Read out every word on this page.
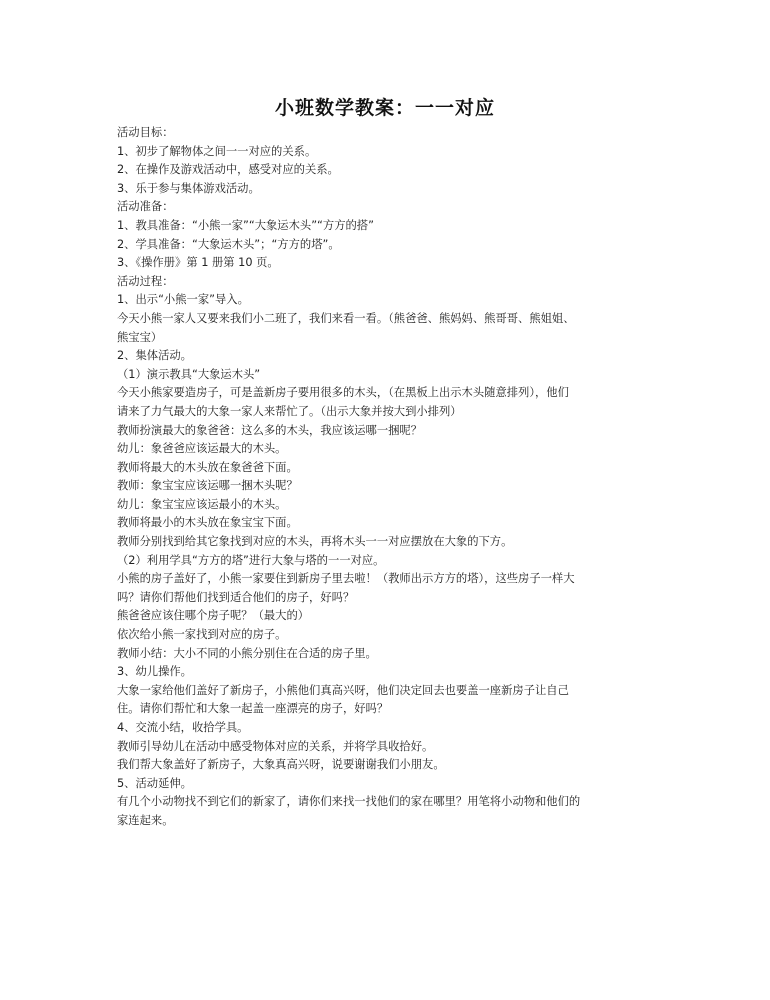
小班数学教案：一一对应
活动目标：
1、初步了解物体之间一一对应的关系。
2、在操作及游戏活动中，感受对应的关系。
3、乐于参与集体游戏活动。
活动准备：
1、教具准备：“小熊一家”“大象运木头”“方方的搭”
2、学具准备：“大象运木头”；“方方的塔”。
3、《操作册》第 1 册第 10 页。
活动过程：
1、出示“小熊一家”导入。
今天小熊一家人又要来我们小二班了，我们来看一看。（熊爸爸、熊妈妈、熊哥哥、熊姐姐、
熊宝宝）
2、集体活动。
（1）演示教具“大象运木头”
今天小熊家要造房子，可是盖新房子要用很多的木头，（在黑板上出示木头随意排列），他们
请来了力气最大的大象一家人来帮忙了。（出示大象并按大到小排列）
教师扮演最大的象爸爸：这么多的木头，我应该运哪一捆呢？
幼儿：象爸爸应该运最大的木头。
教师将最大的木头放在象爸爸下面。
教师：象宝宝应该运哪一捆木头呢？
幼儿：象宝宝应该运最小的木头。
教师将最小的木头放在象宝宝下面。
教师分别找到给其它象找到对应的木头，再将木头一一对应摆放在大象的下方。
（2）利用学具“方方的塔”进行大象与塔的一一对应。
小熊的房子盖好了，小熊一家要住到新房子里去啦！（教师出示方方的塔），这些房子一样大
吗？请你们帮他们找到适合他们的房子，好吗？
熊爸爸应该住哪个房子呢？（最大的）
依次给小熊一家找到对应的房子。
教师小结：大小不同的小熊分别住在合适的房子里。
3、幼儿操作。
大象一家给他们盖好了新房子，小熊他们真高兴呀，他们决定回去也要盖一座新房子让自己
住。请你们帮忙和大象一起盖一座漂亮的房子，好吗？
4、交流小结，收拾学具。
教师引导幼儿在活动中感受物体对应的关系，并将学具收拾好。
我们帮大象盖好了新房子，大象真高兴呀，说要谢谢我们小朋友。
5、活动延伸。
有几个小动物找不到它们的新家了，请你们来找一找他们的家在哪里？用笔将小动物和他们的
家连起来。
